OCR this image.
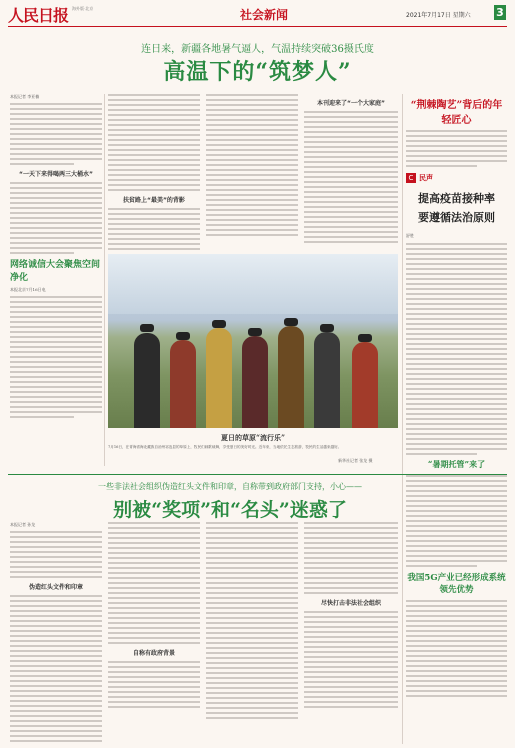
人民日报 海外版·北京	社会新闻	2021年7月17日 星期六 3
连日来，新疆各地暑气逼人，气温持续突破36摄氏度
高温下的“筑梦人”
本报记者 李亚楠
“一天下来得喝两三大桶水”
网络诚信大会聚焦空间净化
本报北京7月16日电
扶贫路上“最美”的背影
本刊迎来了“一个大家庭”
夏日的草原“流行乐”
7月16日，在青海省海北藏族自治州祁连县的草原上，牧民们载歌载舞，享受夏日的美好时光。近年来，当地依托生态旅游，牧民的生活越来越好。
新华社记者 张龙 摄
“荆棘陶艺”背后的年轻匠心
C 民声
提高疫苗接种率
要遵循法治原则
舒胜
“暑期托管”来了
我国5G产业已经形成系统领先优势
一些非法社会组织伪造红头文件和印章，自称带到政府部门支持，小心——
别被“奖项”和“名头”迷惑了
本报记者 孙龙
伪造红头文件和印章
自称有政府背景
尽快打击非法社会组织
